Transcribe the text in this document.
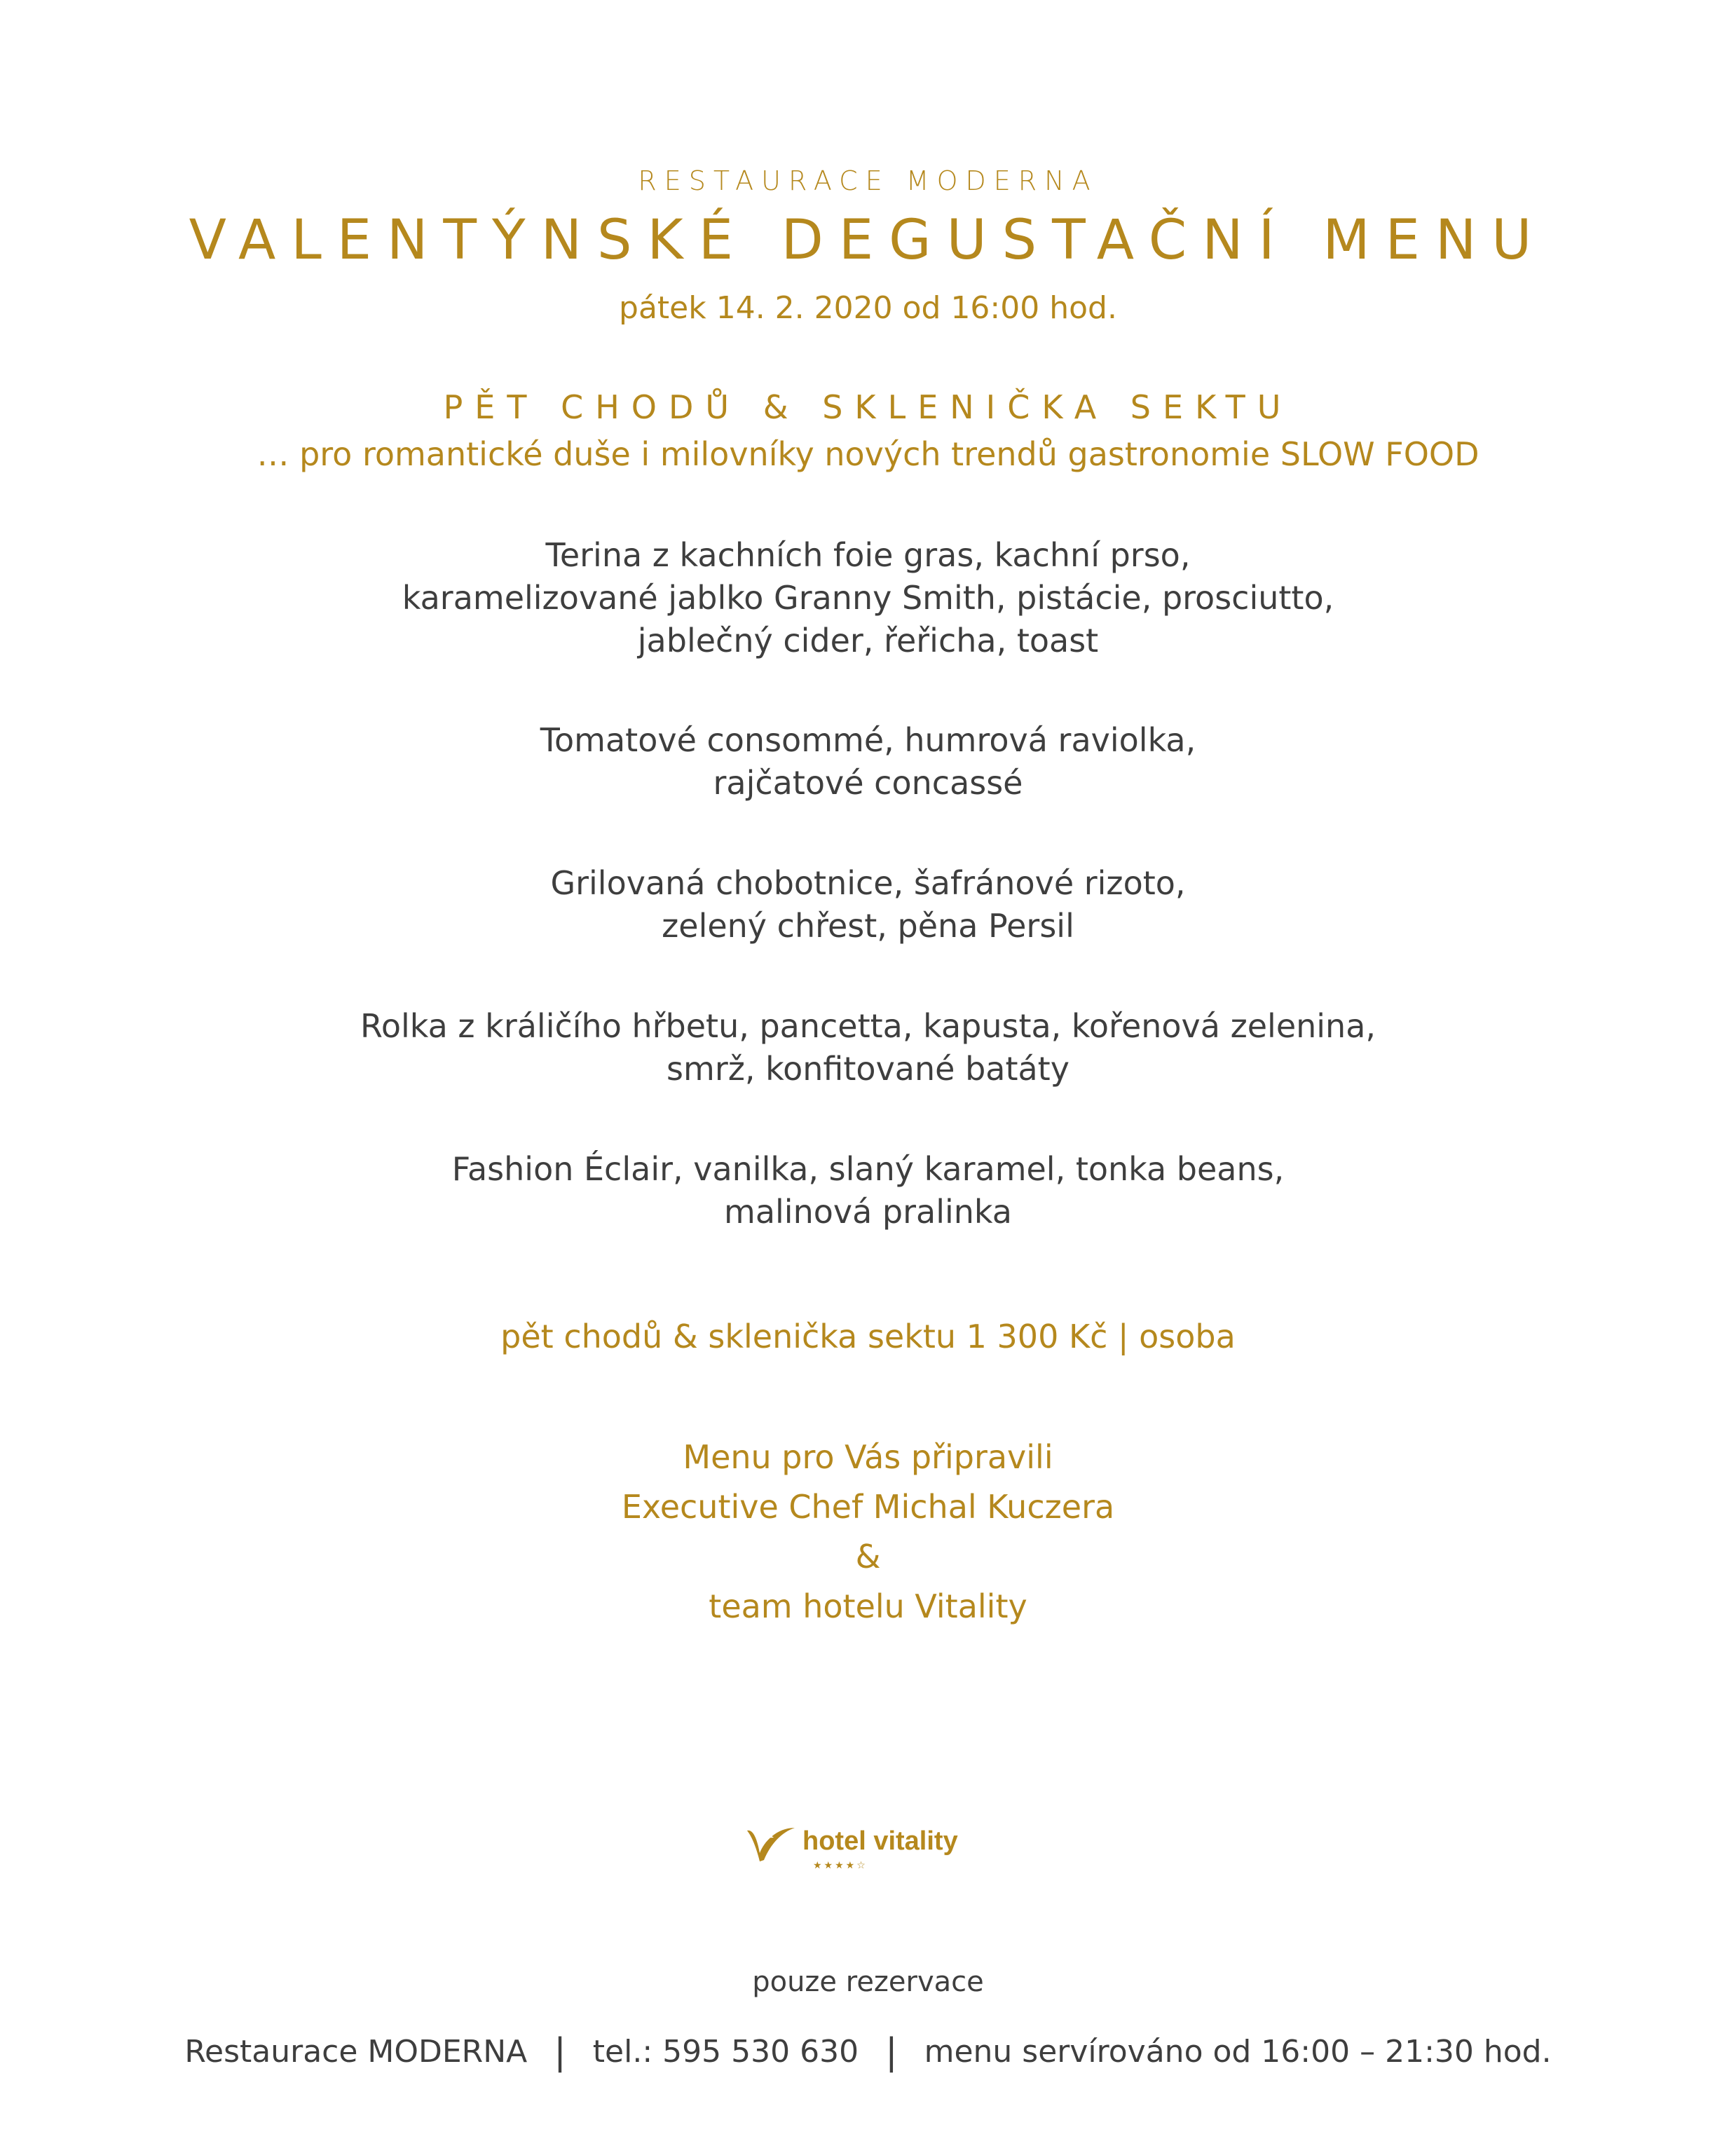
RESTAURACE MODERNA
VALENTÝNSKÉ DEGUSTAČNÍ MENU
pátek 14. 2. 2020 od 16:00 hod.
PĚT CHODŮ & SKLENIČKA SEKTU
… pro romantické duše i milovníky nových trendů gastronomie SLOW FOOD
Terina z kachních foie gras, kachní prso,
karamelizované jablko Granny Smith, pistácie, prosciutto,
jablečný cider, řeřicha, toast
Tomatové consommé, humrová raviolka,
rajčatové concassé
Grilovaná chobotnice, šafránové rizoto,
zelený chřest, pěna Persil
Rolka z králičího hřbetu, pancetta, kapusta, kořenová zelenina,
smrž, konfitované batáty
Fashion Éclair, vanilka, slaný karamel, tonka beans,
malinová pralinka
pět chodů & sklenička sektu 1 300 Kč | osoba
Menu pro Vás připravili
Executive Chef Michal Kuczera
&
team hotelu Vitality
hotel vitality
★★★★☆
pouze rezervace
Restaurace MODERNA | tel.: 595 530 630 | menu servírováno od 16:00 – 21:30 hod.
